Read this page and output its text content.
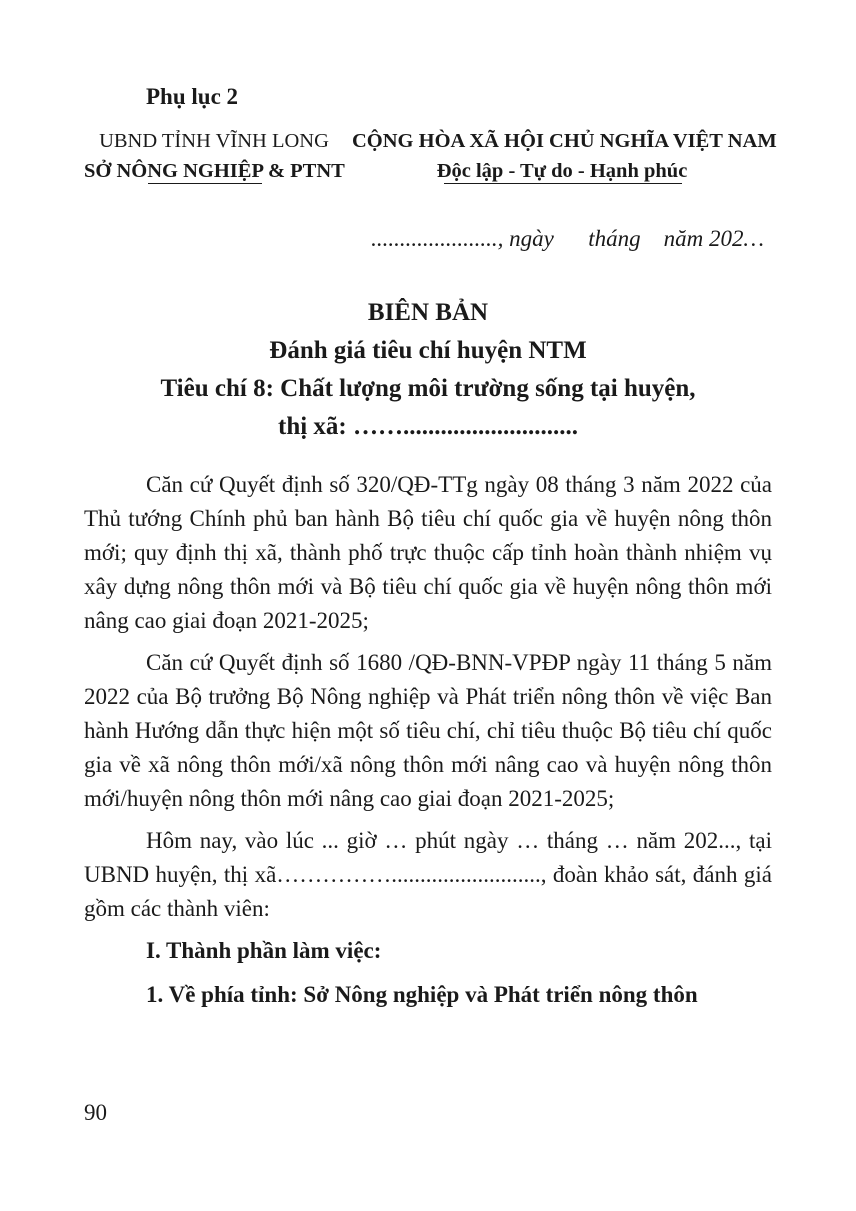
Phụ lục 2
UBND TỈNH VĨNH LONG
SỞ NÔNG NGHIỆP & PTNT
CỘNG HÒA XÃ HỘI CHỦ NGHĨA VIỆT NAM
Độc lập - Tự do - Hạnh phúc
......................, ngày      tháng    năm 202…
BIÊN BẢN
Đánh giá tiêu chí huyện NTM
Tiêu chí 8: Chất lượng môi trường sống tại huyện,
thị xã: ……............................

Căn cứ Quyết định số 320/QĐ-TTg ngày 08 tháng 3 năm 2022 của Thủ tướng Chính phủ ban hành Bộ tiêu chí quốc gia về huyện nông thôn mới; quy định thị xã, thành phố trực thuộc cấp tỉnh hoàn thành nhiệm vụ xây dựng nông thôn mới và Bộ tiêu chí quốc gia về huyện nông thôn mới nâng cao giai đoạn 2021-2025;

Căn cứ Quyết định số 1680 /QĐ-BNN-VPĐP ngày 11 tháng 5 năm 2022 của Bộ trưởng Bộ Nông nghiệp và Phát triển nông thôn về việc Ban hành Hướng dẫn thực hiện một số tiêu chí, chỉ tiêu thuộc Bộ tiêu chí quốc gia về xã nông thôn mới/xã nông thôn mới nâng cao và huyện nông thôn mới/huyện nông thôn mới nâng cao giai đoạn 2021-2025;

Hôm nay, vào lúc ... giờ … phút ngày … tháng … năm 202..., tại UBND huyện, thị xã…………….........................., đoàn khảo sát, đánh giá gồm các thành viên:

I. Thành phần làm việc:
1. Về phía tỉnh: Sở Nông nghiệp và Phát triển nông thôn
90
